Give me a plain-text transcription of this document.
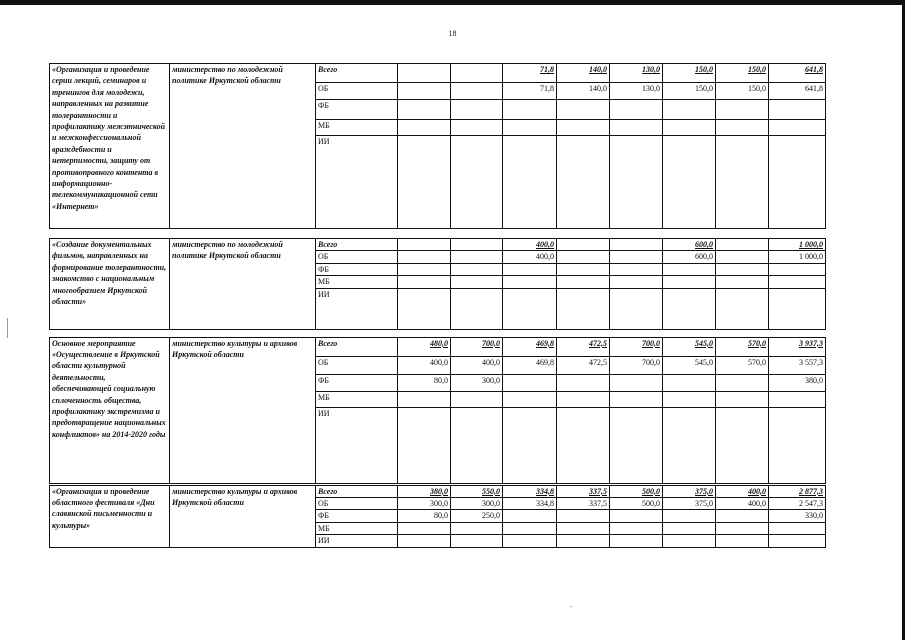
18
«Организация и проведение серии лекций, семинаров и тренингов для молодежи, направленных на развитие толерантности и профилактику межэтнической и межконфессиональной враждебности и нетерпимости, защиту от противоправного контента в информационно-телекоммуникационной сети «Интернет»	министерство по молодежной политике Иркутской области	Всего			71,8	140,0	130,0	150,0	150,0	641,8
		ОБ			71,8	140,0	130,0	150,0	150,0	641,8
		ФБ								
		МБ								
		ИИ								

«Создание документальных фильмов, направленных на формирование толерантности, знакомство с национальным многообразием Иркутской области»	министерство по молодежной политике Иркутской области	Всего			400,0			600,0		1 000,0
		ОБ			400,0			600,0		1 000,0
		ФБ								
		МБ								
		ИИ								

Основное мероприятие «Осуществление в Иркутской области культурной деятельности, обеспечивающей социальную сплоченность общества, профилактику экстремизма и предотвращение национальных конфликтов» на 2014-2020 годы	министерство культуры и архивов Иркутской области	Всего	480,0	700,0	469,8	472,5	700,0	545,0	570,0	3 937,3
		ОБ	400,0	400,0	469,8	472,5	700,0	545,0	570,0	3 557,3
		ФБ	80,0	300,0						380,0
		МБ								
		ИИ								

«Организация и проведение областного фестиваля «Дни славянской письменности и культуры»	министерство культуры и архивов Иркутской области	Всего	380,0	550,0	334,8	337,5	500,0	375,0	400,0	2 877,3
		ОБ	300,0	300,0	334,8	337,5	500,0	375,0	400,0	2 547,3
		ФБ	80,0	250,0						330,0
		МБ								
		ИИ								
